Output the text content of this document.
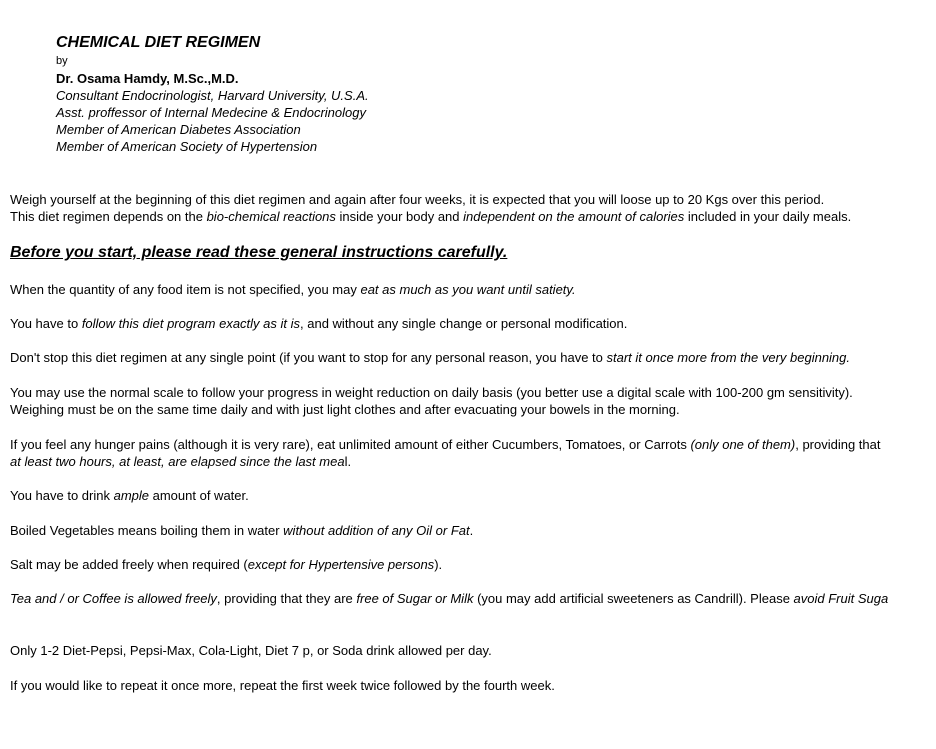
CHEMICAL DIET REGIMEN
by
Dr. Osama Hamdy, M.Sc.,M.D.
Consultant Endocrinologist, Harvard University, U.S.A.
Asst. proffessor of Internal Medecine & Endocrinology
Member of American Diabetes Association
Member of American Society of Hypertension
Weigh yourself at the beginning of this diet regimen and again after four weeks, it is expected that you will loose up to 20 Kgs over this period.
This diet regimen depends on the bio-chemical reactions inside your body and independent on the amount of calories included in your daily meals.
Before you start, please read these general instructions carefully.
When the quantity of any food item is not specified, you may eat as much as you want until satiety.
You have to follow this diet program exactly as it is, and without any single change or personal modification.
Don't stop this diet regimen at any single point (if you want to stop for any personal reason, you have to start it once more from the very beginning.
You may use the normal scale to follow your progress in weight reduction on daily basis (you better use a digital scale with 100-200 gm sensitivity).
Weighing must be on the same time daily and with just light clothes and after evacuating your bowels in the morning.
If you feel any hunger pains (although it is very rare), eat unlimited amount of either Cucumbers, Tomatoes, or Carrots (only one of them), providing that
at least two hours, at least, are elapsed since the last meal.
You have to drink ample amount of water.
Boiled Vegetables means boiling them in water without addition of any Oil or Fat.
Salt may be added freely when required (except for Hypertensive persons).
Tea and / or Coffee is allowed freely, providing that they are free of Sugar or Milk (you may add artificial sweeteners as Candrill). Please avoid Fruit Suga
Only 1-2 Diet-Pepsi, Pepsi-Max, Cola-Light, Diet 7 p, or Soda drink allowed per day.
If you would like to repeat it once more, repeat the first week twice followed by the fourth week.
